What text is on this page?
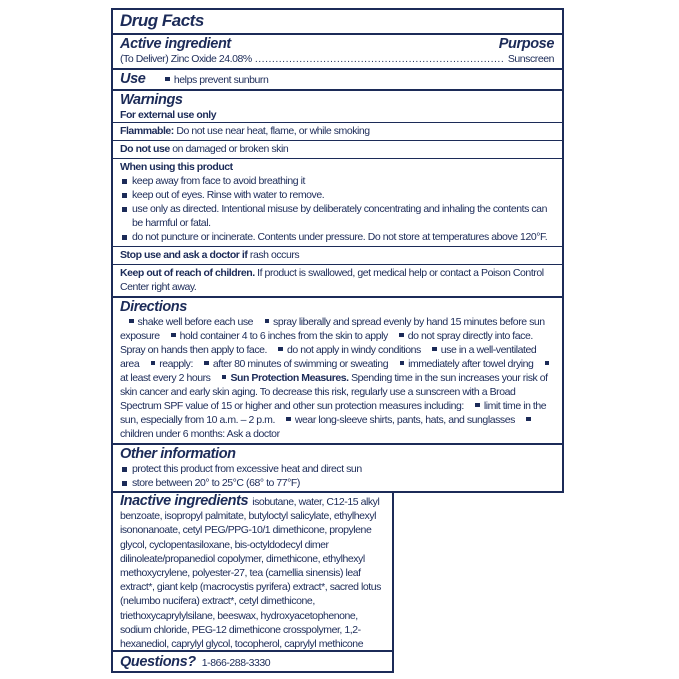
Drug Facts
Active ingredient	Purpose
(To Deliver) Zinc Oxide 24.08% .....	Sunscreen
Use	helps prevent sunburn
Warnings
For external use only
Flammable: Do not use near heat, flame, or while smoking
Do not use on damaged or broken skin
When using this product
keep away from face to avoid breathing it
keep out of eyes. Rinse with water to remove.
use only as directed. Intentional misuse by deliberately concentrating and inhaling the contents can be harmful or fatal.
do not puncture or incinerate. Contents under pressure. Do not store at temperatures above 120°F.
Stop use and ask a doctor if rash occurs
Keep out of reach of children. If product is swallowed, get medical help or contact a Poison Control Center right away.
Directions
shake well before each use spray liberally and spread evenly by hand 15 minutes before sun exposure hold container 4 to 6 inches from the skin to apply do not spray directly into face. Spray on hands then apply to face. do not apply in windy conditions use in a well-ventilated area reapply: after 80 minutes of swimming or sweating immediately after towel drying at least every 2 hours Sun Protection Measures. Spending time in the sun increases your risk of skin cancer and early skin aging. To decrease this risk, regularly use a sunscreen with a Broad Spectrum SPF value of 15 or higher and other sun protection measures including: limit time in the sun, especially from 10 a.m. – 2 p.m. wear long-sleeve shirts, pants, hats, and sunglasses children under 6 months: Ask a doctor
Other information
protect this product from excessive heat and direct sun
store between 20° to 25°C (68° to 77°F)
Inactive ingredients isobutane, water, C12-15 alkyl benzoate, isopropyl palmitate, butyloctyl salicylate, ethylhexyl isononanoate, cetyl PEG/PPG-10/1 dimethicone, propylene glycol, cyclopentasiloxane, bis-octyldodecyl dimer dilinoleate/propanediol copolymer, dimethicone, ethylhexyl methoxycrylene, polyester-27, tea (camellia sinensis) leaf extract*, giant kelp (macrocystis pyrifera) extract*, sacred lotus (nelumbo nucifera) extract*, cetyl dimethicone, triethoxycaprylylsilane, beeswax, hydroxyacetophenone, sodium chloride, PEG-12 dimethicone crosspolymer, 1,2-hexanediol, caprylyl glycol, tocopherol, caprylyl methicone
Questions? 1-866-288-3330
